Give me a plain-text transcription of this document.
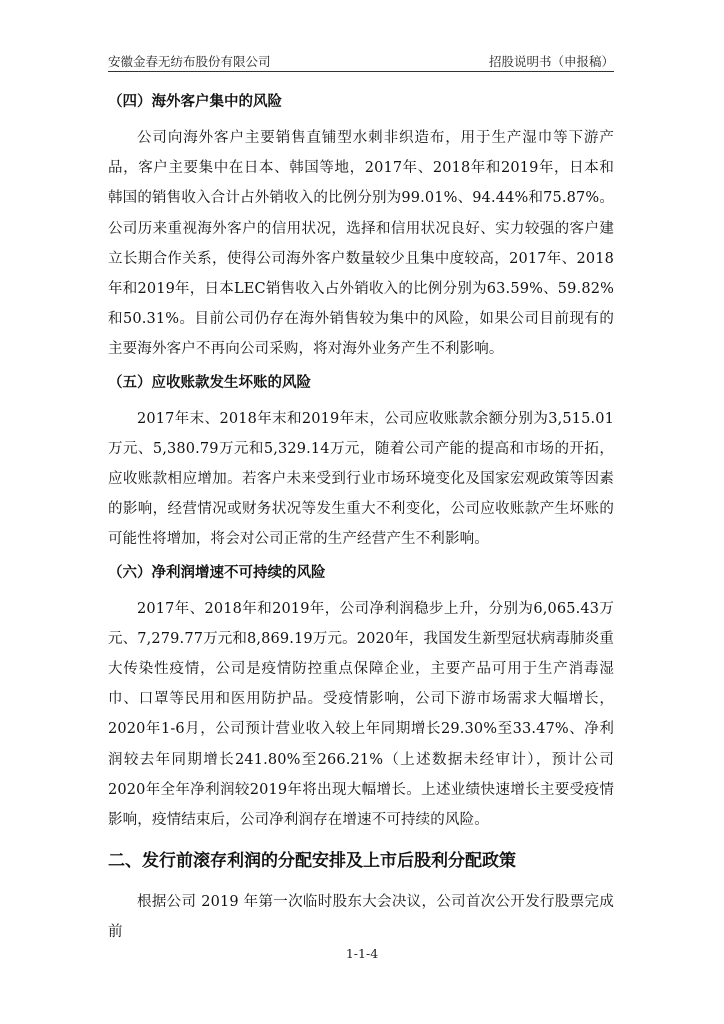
安徽金春无纺布股份有限公司	招股说明书（申报稿）
（四）海外客户集中的风险

公司向海外客户主要销售直铺型水刺非织造布，用于生产湿巾等下游产品，客户主要集中在日本、韩国等地，2017年、2018年和2019年，日本和韩国的销售收入合计占外销收入的比例分别为99.01%、94.44%和75.87%。公司历来重视海外客户的信用状况，选择和信用状况良好、实力较强的客户建立长期合作关系，使得公司海外客户数量较少且集中度较高，2017年、2018年和2019年，日本LEC销售收入占外销收入的比例分别为63.59%、59.82%和50.31%。目前公司仍存在海外销售较为集中的风险，如果公司目前现有的主要海外客户不再向公司采购，将对海外业务产生不利影响。

（五）应收账款发生坏账的风险

2017年末、2018年末和2019年末，公司应收账款余额分别为3,515.01万元、5,380.79万元和5,329.14万元，随着公司产能的提高和市场的开拓，应收账款相应增加。若客户未来受到行业市场环境变化及国家宏观政策等因素的影响，经营情况或财务状况等发生重大不利变化，公司应收账款产生坏账的可能性将增加，将会对公司正常的生产经营产生不利影响。

（六）净利润增速不可持续的风险

2017年、2018年和2019年，公司净利润稳步上升，分别为6,065.43万元、7,279.77万元和8,869.19万元。2020年，我国发生新型冠状病毒肺炎重大传染性疫情，公司是疫情防控重点保障企业，主要产品可用于生产消毒湿巾、口罩等民用和医用防护品。受疫情影响，公司下游市场需求大幅增长，2020年1-6月，公司预计营业收入较上年同期增长29.30%至33.47%、净利润较去年同期增长241.80%至266.21%（上述数据未经审计），预计公司2020年全年净利润较2019年将出现大幅增长。上述业绩快速增长主要受疫情影响，疫情结束后，公司净利润存在增速不可持续的风险。

二、发行前滚存利润的分配安排及上市后股利分配政策

根据公司 2019 年第一次临时股东大会决议，公司首次公开发行股票完成前

1-1-4
